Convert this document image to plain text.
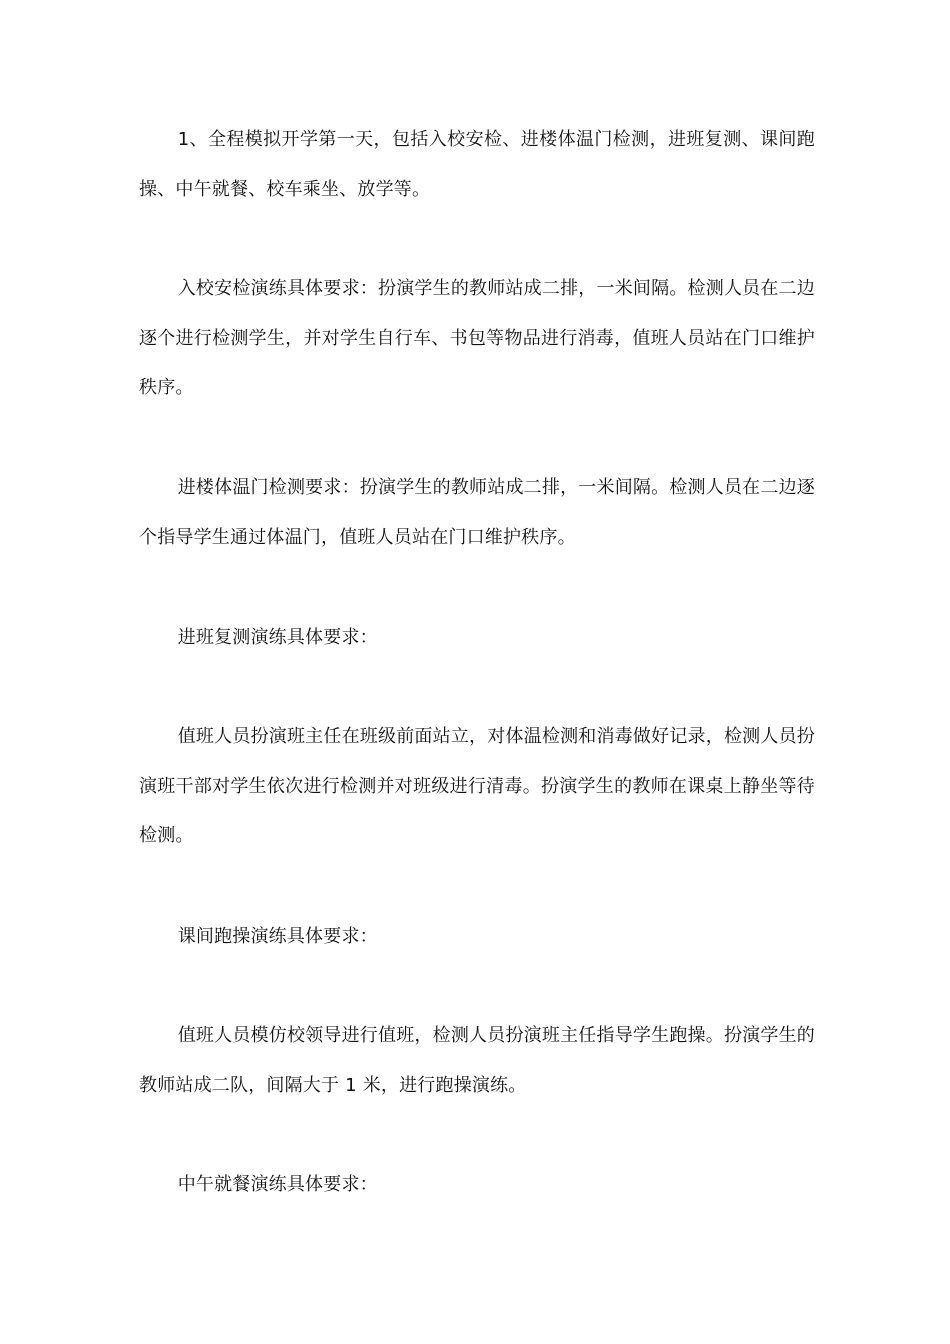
1、全程模拟开学第一天，包括入校安检、进楼体温门检测，进班复测、课间跑操、中午就餐、校车乘坐、放学等。

入校安检演练具体要求：扮演学生的教师站成二排，一米间隔。检测人员在二边逐个进行检测学生，并对学生自行车、书包等物品进行消毒，值班人员站在门口维护秩序。

进楼体温门检测要求：扮演学生的教师站成二排，一米间隔。检测人员在二边逐个指导学生通过体温门，值班人员站在门口维护秩序。

进班复测演练具体要求：

值班人员扮演班主任在班级前面站立，对体温检测和消毒做好记录，检测人员扮演班干部对学生依次进行检测并对班级进行清毒。扮演学生的教师在课桌上静坐等待检测。

课间跑操演练具体要求：

值班人员模仿校领导进行值班，检测人员扮演班主任指导学生跑操。扮演学生的教师站成二队，间隔大于 1 米，进行跑操演练。

中午就餐演练具体要求：
